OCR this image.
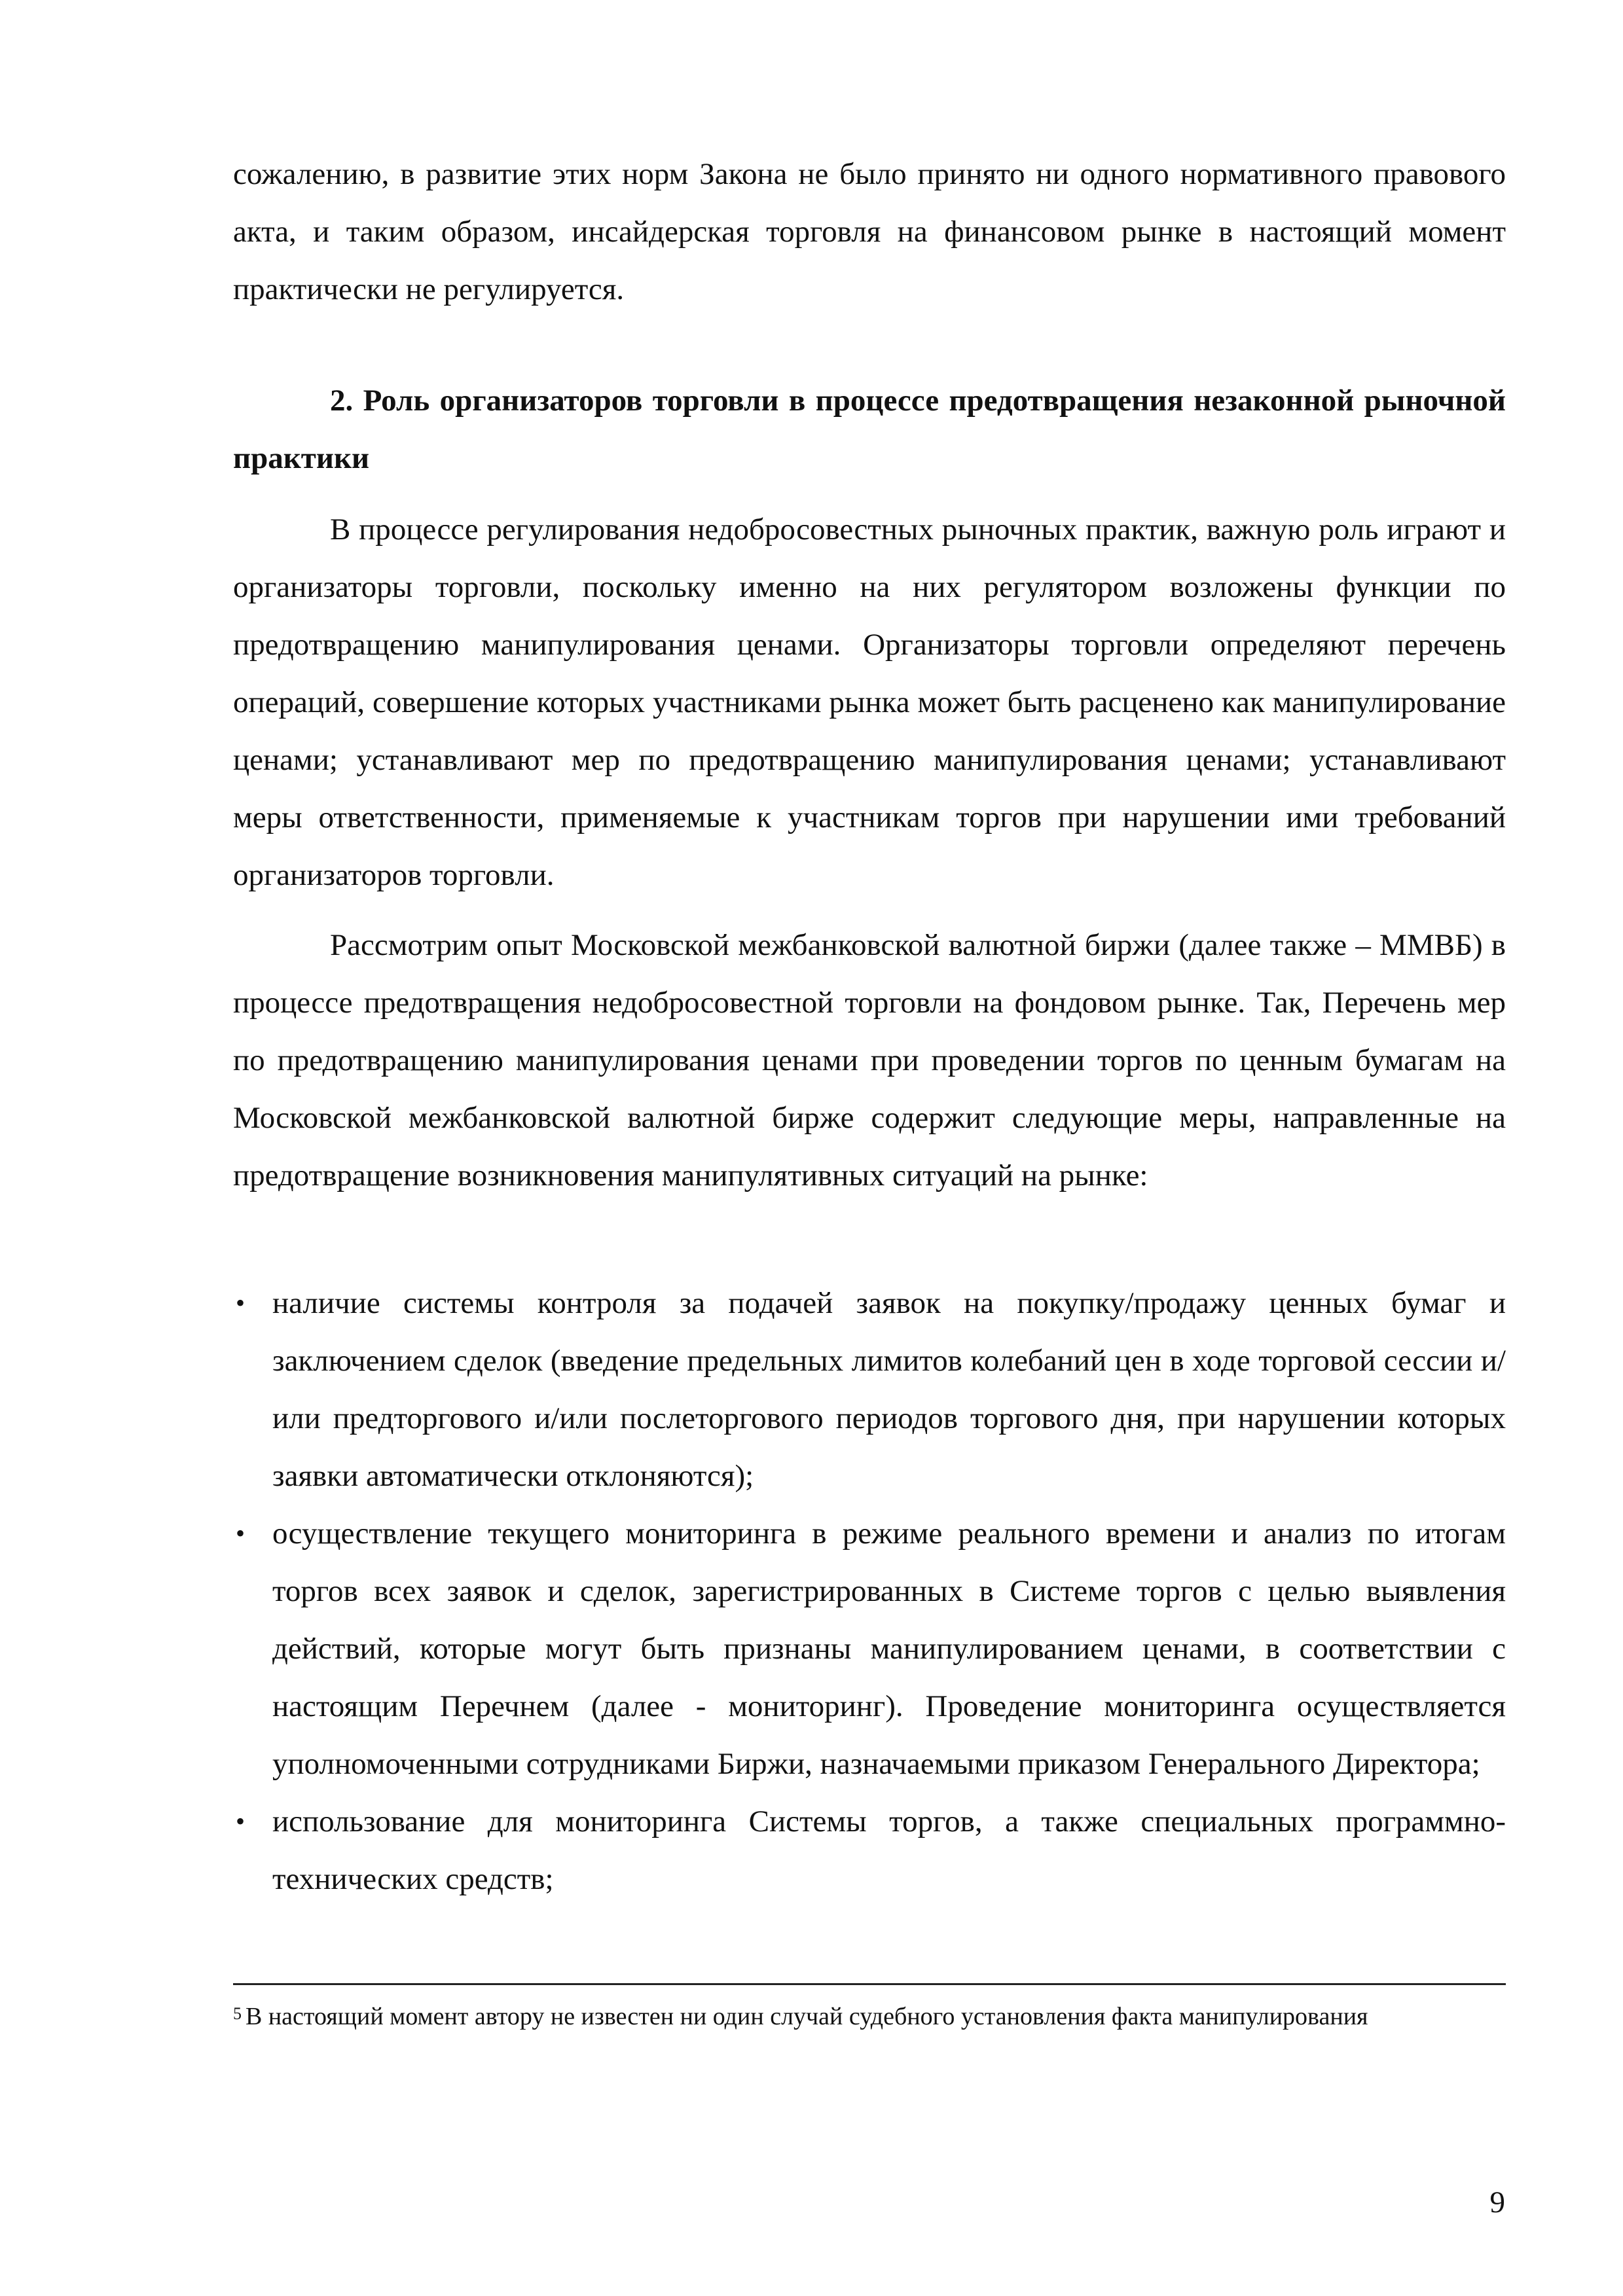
сожалению, в развитие этих норм Закона не было принято ни одного нормативного правового акта, и таким образом, инсайдерская торговля на финансовом рынке в настоящий момент практически не регулируется.

2. Роль организаторов торговли в процессе предотвращения незаконной рыночной практики

В процессе регулирования недобросовестных рыночных практик, важную роль играют и организаторы торговли, поскольку именно на них регулятором возложены функции по предотвращению манипулирования ценами. Организаторы торговли определяют перечень операций, совершение которых участниками рынка может быть расценено как манипулирование ценами; устанавливают мер по предотвращению манипулирования ценами; устанавливают меры ответственности, применяемые к участникам торгов при нарушении ими требований организаторов торговли.

Рассмотрим опыт Московской межбанковской валютной биржи (далее также – ММВБ) в процессе предотвращения недобросовестной торговли на фондовом рынке. Так, Перечень мер по предотвращению манипулирования ценами при проведении торгов по ценным бумагам на Московской межбанковской валютной бирже содержит следующие меры, направленные на предотвращение возникновения манипулятивных ситуаций на рынке:

• наличие системы контроля за подачей заявок на покупку/продажу ценных бумаг и заключением сделок (введение предельных лимитов колебаний цен в ходе торговой сессии и/или предторгового и/или послеторгового периодов торгового дня, при нарушении которых заявки автоматически отклоняются);
• осуществление текущего мониторинга в режиме реального времени и анализ по итогам торгов всех заявок и сделок, зарегистрированных в Системе торгов с целью выявления действий, которые могут быть признаны манипулированием ценами, в соответствии с настоящим Перечнем (далее - мониторинг). Проведение мониторинга осуществляется уполномоченными сотрудниками Биржи, назначаемыми приказом Генерального Директора;
• использование для мониторинга Системы торгов, а также специальных программно-технических средств;
$^5$ В настоящий момент автору не известен ни один случай судебного установления факта манипулирования
9
